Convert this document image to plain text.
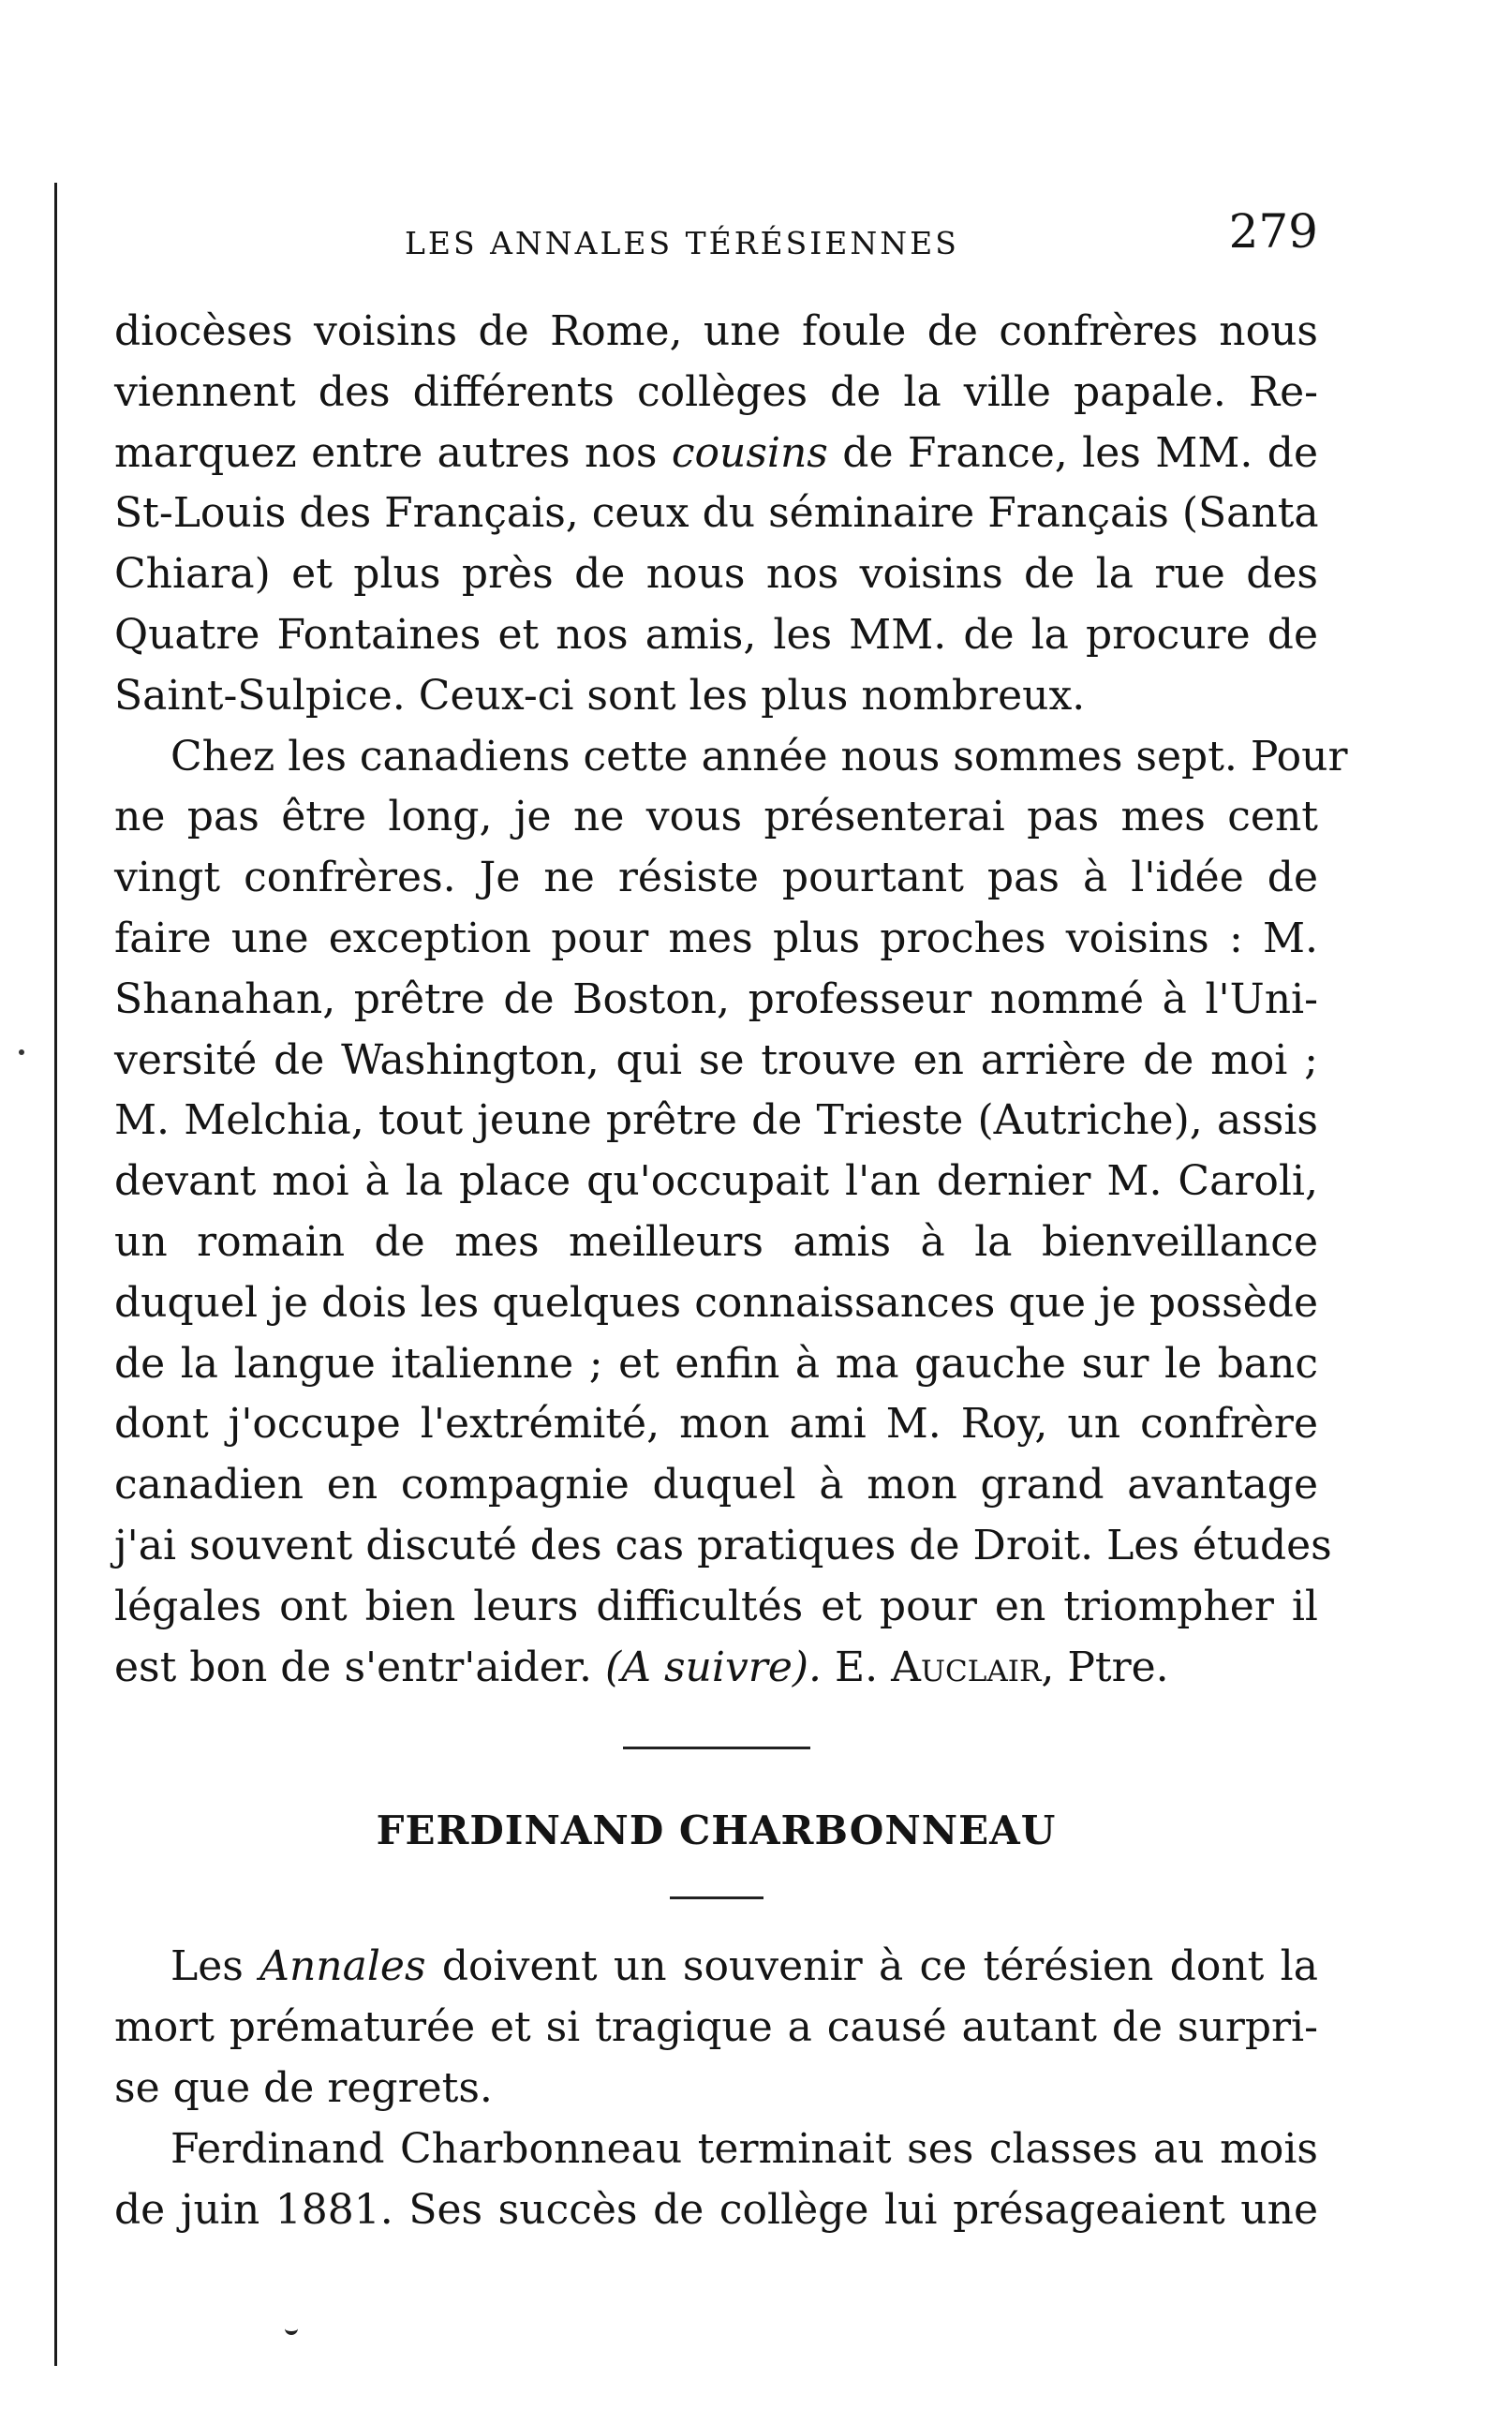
LES ANNALES TÉRÉSIENNES	279
diocèses voisins de Rome, une foule de confrères nous
viennent des différents collèges de la ville papale. Re-
marquez entre autres nos cousins de France, les MM. de
St-Louis des Français, ceux du séminaire Français (Santa
Chiara) et plus près de nous nos voisins de la rue des
Quatre Fontaines et nos amis, les MM. de la procure de
Saint-Sulpice. Ceux-ci sont les plus nombreux.
Chez les canadiens cette année nous sommes sept. Pour
ne pas être long, je ne vous présenterai pas mes cent
vingt confrères. Je ne résiste pourtant pas à l'idée de
faire une exception pour mes plus proches voisins : M.
Shanahan, prêtre de Boston, professeur nommé à l'Uni-
versité de Washington, qui se trouve en arrière de moi ;
M. Melchia, tout jeune prêtre de Trieste (Autriche), assis
devant moi à la place qu'occupait l'an dernier M. Caroli,
un romain de mes meilleurs amis à la bienveillance
duquel je dois les quelques connaissances que je possède
de la langue italienne ; et enfin à ma gauche sur le banc
dont j'occupe l'extrémité, mon ami M. Roy, un confrère
canadien en compagnie duquel à mon grand avantage
j'ai souvent discuté des cas pratiques de Droit. Les études
légales ont bien leurs difficultés et pour en triompher il
est bon de s'entr'aider. (A suivre). E. Auclair, Ptre.
FERDINAND CHARBONNEAU
Les Annales doivent un souvenir à ce térésien dont la
mort prématurée et si tragique a causé autant de surpri-
se que de regrets.
Ferdinand Charbonneau terminait ses classes au mois
de juin 1881. Ses succès de collège lui présageaient une
